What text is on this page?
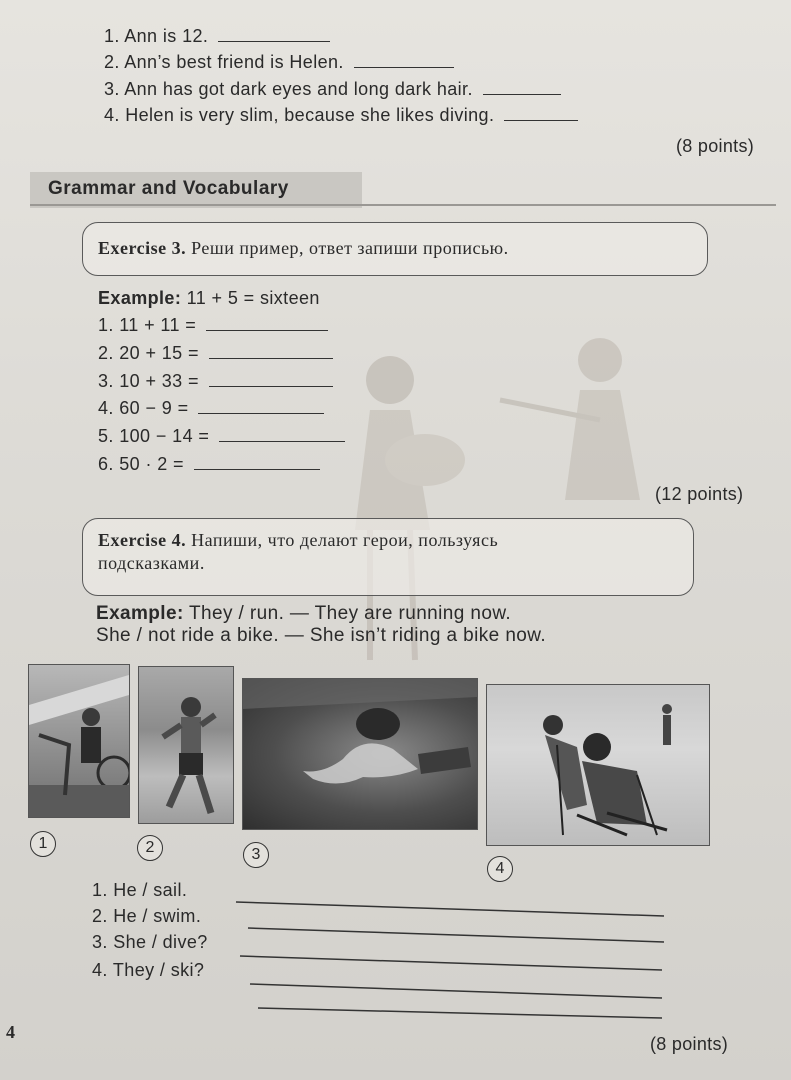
1. Ann is 12.
2. Ann’s best friend is Helen.
3. Ann has got dark eyes and long dark hair.
4. Helen is very slim, because she likes diving.
(8 points)
Grammar and Vocabulary
Exercise 3. Реши пример, ответ запиши прописью.
Example: 11 + 5 = sixteen
1. 11 + 11 =
2. 20 + 15 =
3. 10 + 33 =
4. 60 − 9 =
5. 100 − 14 =
6. 50 · 2 =
(12 points)
Exercise 4. Напиши, что делают герои, пользуясь
подсказками.
Example: They / run. — They are running now.
She / not ride a bike. — She isn’t riding a bike now.
1	2	3
4
1. He / sail.
2. He / swim.
3. She / dive?
4. They / ski?
(8 points)
4
